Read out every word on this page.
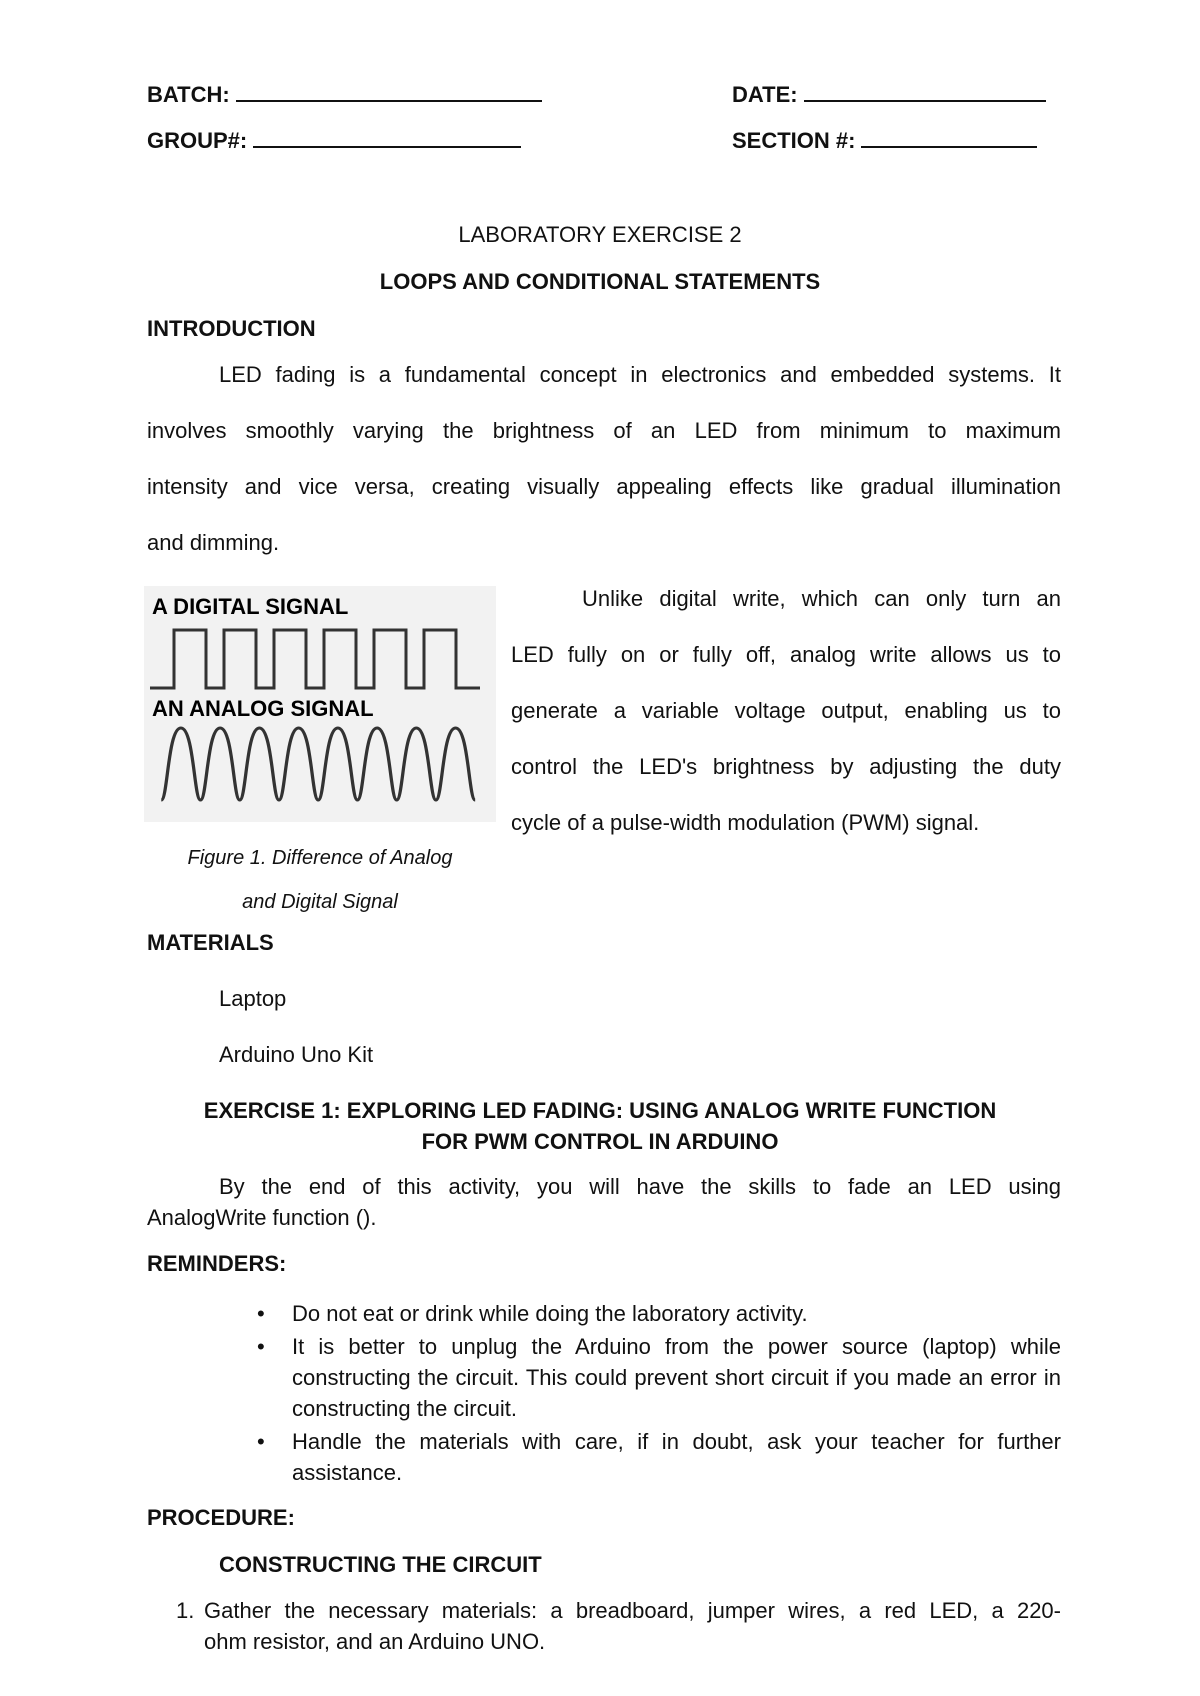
BATCH:	DATE:
GROUP#:	SECTION #:
LABORATORY EXERCISE 2
LOOPS AND CONDITIONAL STATEMENTS
INTRODUCTION
LED fading is a fundamental concept in electronics and embedded systems. It
involves smoothly varying the brightness of an LED from minimum to maximum
intensity and vice versa, creating visually appealing effects like gradual illumination
and dimming.
A DIGITAL SIGNAL
AN ANALOG SIGNAL
Figure 1. Difference of Analog
and Digital Signal
Unlike digital write, which can only turn an
LED fully on or fully off, analog write allows us to
generate a variable voltage output, enabling us to
control the LED's brightness by adjusting the duty
cycle of a pulse-width modulation (PWM) signal.
MATERIALS
Laptop
Arduino Uno Kit
EXERCISE 1: EXPLORING LED FADING: USING ANALOG WRITE FUNCTION
FOR PWM CONTROL IN ARDUINO
By the end of this activity, you will have the skills to fade an LED using
AnalogWrite function ().
REMINDERS:
• Do not eat or drink while doing the laboratory activity.
• It is better to unplug the Arduino from the power source (laptop) while constructing the circuit. This could prevent short circuit if you made an error in constructing the circuit.
• Handle the materials with care, if in doubt, ask your teacher for further assistance.
PROCEDURE:
CONSTRUCTING THE CIRCUIT
1. Gather the necessary materials: a breadboard, jumper wires, a red LED, a 220-
ohm resistor, and an Arduino UNO.
